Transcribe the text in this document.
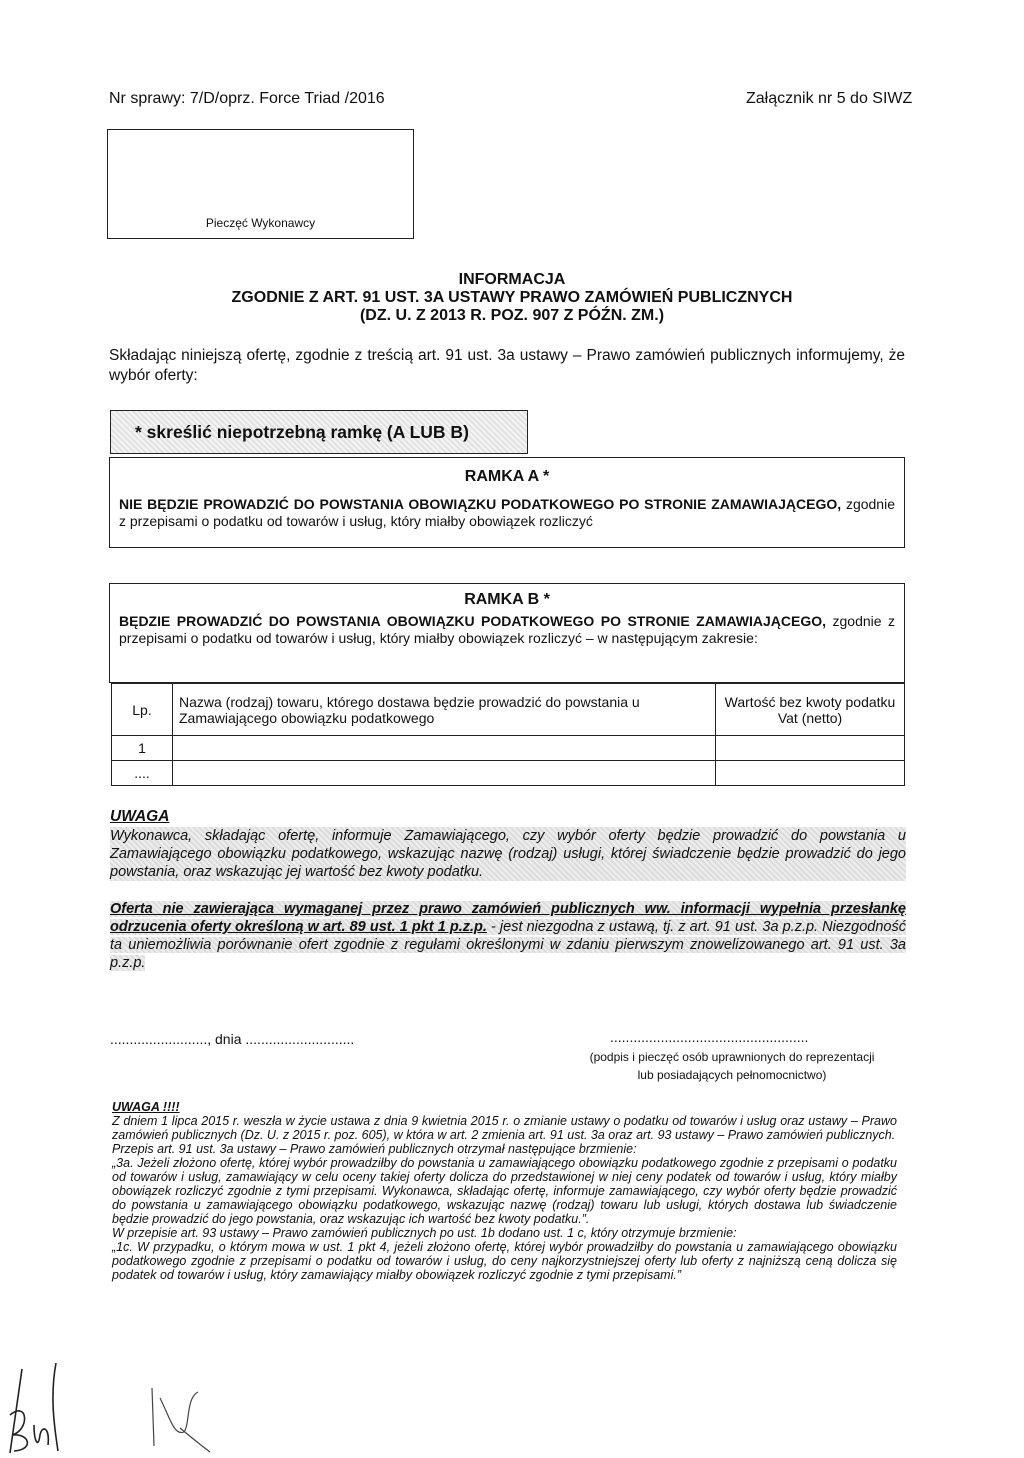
Nr sprawy: 7/D/oprz. Force Triad /2016	Załącznik nr 5 do SIWZ
Pieczęć Wykonawcy
INFORMACJA
ZGODNIE Z ART. 91 UST. 3A USTAWY PRAWO ZAMÓWIEŃ PUBLICZNYCH
(DZ. U. Z 2013 R. POZ. 907 Z PÓŹN. ZM.)
Składając niniejszą ofertę, zgodnie z treścią art. 91 ust. 3a ustawy – Prawo zamówień publicznych informujemy, że wybór oferty:
* skreślić niepotrzebną ramkę (A LUB B)
RAMKA A *
NIE BĘDZIE PROWADZIĆ DO POWSTANIA OBOWIĄZKU PODATKOWEGO PO STRONIE ZAMAWIAJĄCEGO, zgodnie z przepisami o podatku od towarów i usług, który miałby obowiązek rozliczyć
RAMKA B *
BĘDZIE PROWADZIĆ DO POWSTANIA OBOWIĄZKU PODATKOWEGO PO STRONIE ZAMAWIAJĄCEGO, zgodnie z przepisami o podatku od towarów i usług, który miałby obowiązek rozliczyć – w następującym zakresie:
Lp.	Nazwa (rodzaj) towaru, którego dostawa będzie prowadzić do powstania u Zamawiającego obowiązku podatkowego	Wartość bez kwoty podatku Vat (netto)
1		
....		
UWAGA
Wykonawca, składając ofertę, informuje Zamawiającego, czy wybór oferty będzie prowadzić do powstania u Zamawiającego obowiązku podatkowego, wskazując nazwę (rodzaj) usługi, której świadczenie będzie prowadzić do jego powstania, oraz wskazując jej wartość bez kwoty podatku.
Oferta nie zawierająca wymaganej przez prawo zamówień publicznych ww. informacji wypełnia przesłankę odrzucenia oferty określoną w art. 89 ust. 1 pkt 1 p.z.p. - jest niezgodna z ustawą, tj. z art. 91 ust. 3a p.z.p. Niezgodność ta uniemożliwia porównanie ofert zgodnie z regułami określonymi w zdaniu pierwszym znowelizowanego art. 91 ust. 3a p.z.p.
........................., dnia ............................	...................................................
(podpis i pieczęć osób uprawnionych do reprezentacji
lub posiadających pełnomocnictwo)
UWAGA !!!!
Z dniem 1 lipca 2015 r. weszła w życie ustawa z dnia 9 kwietnia 2015 r. o zmianie ustawy o podatku od towarów i usług oraz ustawy – Prawo zamówień publicznych (Dz. U. z 2015 r. poz. 605), w która w art. 2 zmienia art. 91 ust. 3a oraz art. 93 ustawy – Prawo zamówień publicznych.
Przepis art. 91 ust. 3a ustawy – Prawo zamówień publicznych otrzymał następujące brzmienie:
„3a. Jeżeli złożono ofertę, której wybór prowadziłby do powstania u zamawiającego obowiązku podatkowego zgodnie z przepisami o podatku od towarów i usług, zamawiający w celu oceny takiej oferty dolicza do przedstawionej w niej ceny podatek od towarów i usług, który miałby obowiązek rozliczyć zgodnie z tymi przepisami. Wykonawca, składając ofertę, informuje zamawiającego, czy wybór oferty będzie prowadzić do powstania u zamawiającego obowiązku podatkowego, wskazując nazwę (rodzaj) towaru lub usługi, których dostawa lub świadczenie będzie prowadzić do jego powstania, oraz wskazując ich wartość bez kwoty podatku.”.
W przepisie art. 93 ustawy – Prawo zamówień publicznych po ust. 1b dodano ust. 1 c, który otrzymuje brzmienie:
„1c. W przypadku, o którym mowa w ust. 1 pkt 4, jeżeli złożono ofertę, której wybór prowadziłby do powstania u zamawiającego obowiązku podatkowego zgodnie z przepisami o podatku od towarów i usług, do ceny najkorzystniejszej oferty lub oferty z najniższą ceną dolicza się podatek od towarów i usług, który zamawiający miałby obowiązek rozliczyć zgodnie z tymi przepisami.”
